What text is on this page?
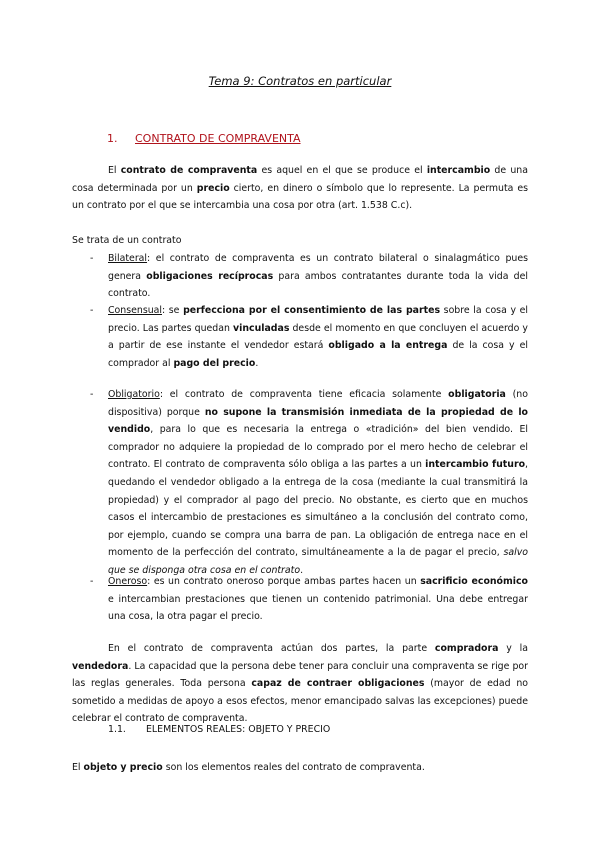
Tema 9: Contratos en particular
1. CONTRATO DE COMPRAVENTA
El contrato de compraventa es aquel en el que se produce el intercambio de una cosa determinada por un precio cierto, en dinero o símbolo que lo represente. La permuta es un contrato por el que se intercambia una cosa por otra (art. 1.538 C.c).
Se trata de un contrato
- Bilateral: el contrato de compraventa es un contrato bilateral o sinalagmático pues genera obligaciones recíprocas para ambos contratantes durante toda la vida del contrato.
- Consensual: se perfecciona por el consentimiento de las partes sobre la cosa y el precio. Las partes quedan vinculadas desde el momento en que concluyen el acuerdo y a partir de ese instante el vendedor estará obligado a la entrega de la cosa y el comprador al pago del precio.
- Obligatorio: el contrato de compraventa tiene eficacia solamente obligatoria (no dispositiva) porque no supone la transmisión inmediata de la propiedad de lo vendido, para lo que es necesaria la entrega o «tradición» del bien vendido. El comprador no adquiere la propiedad de lo comprado por el mero hecho de celebrar el contrato. El contrato de compraventa sólo obliga a las partes a un intercambio futuro, quedando el vendedor obligado a la entrega de la cosa (mediante la cual transmitirá la propiedad) y el comprador al pago del precio. No obstante, es cierto que en muchos casos el intercambio de prestaciones es simultáneo a la conclusión del contrato como, por ejemplo, cuando se compra una barra de pan. La obligación de entrega nace en el momento de la perfección del contrato, simultáneamente a la de pagar el precio, salvo que se disponga otra cosa en el contrato.
- Oneroso: es un contrato oneroso porque ambas partes hacen un sacrificio económico e intercambian prestaciones que tienen un contenido patrimonial. Una debe entregar una cosa, la otra pagar el precio.
En el contrato de compraventa actúan dos partes, la parte compradora y la vendedora. La capacidad que la persona debe tener para concluir una compraventa se rige por las reglas generales. Toda persona capaz de contraer obligaciones (mayor de edad no sometido a medidas de apoyo a esos efectos, menor emancipado salvas las excepciones) puede celebrar el contrato de compraventa.
1.1. ELEMENTOS REALES: OBJETO Y PRECIO
El objeto y precio son los elementos reales del contrato de compraventa.
